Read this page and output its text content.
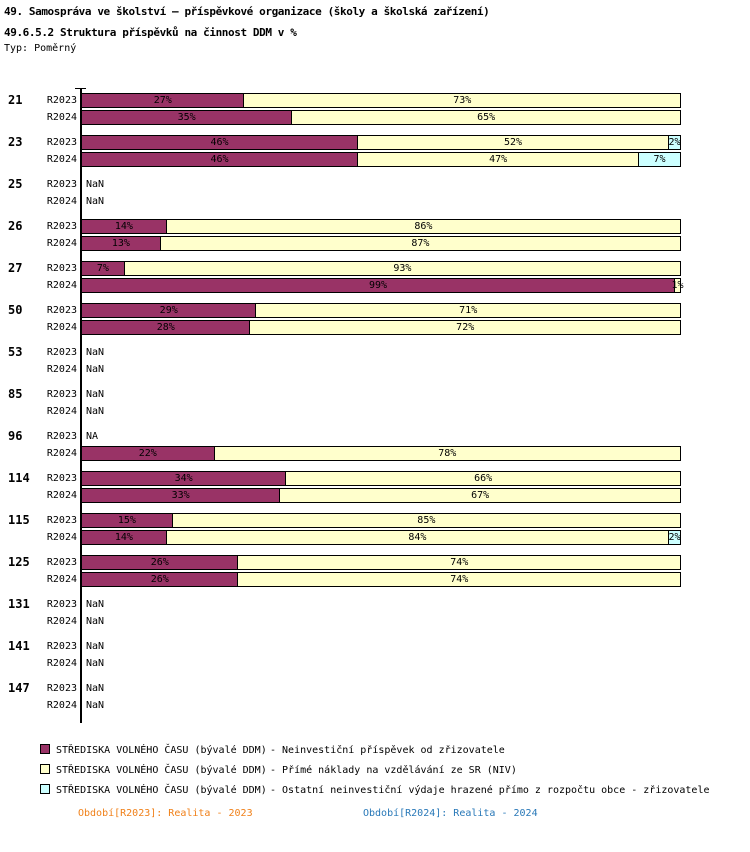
49. Samospráva ve školství – příspěvkové organizace (školy a školská zařízení)
49.6.5.2 Struktura příspěvků na činnost DDM v %
Typ: Poměrný
21	R2023	27%	73%
R2024	35%	65%
23	R2023	46%	52%	2%
R2024	46%	47%	7%
25	R2023 NaN
R2024 NaN
26	R2023	14%	86%
R2024	13%	87%
27	R2023 7%	93%
R2024	99%	1%
50	R2023	29%	71%
R2024	28%	72%
53	R2023 NaN
R2024 NaN
85	R2023 NaN
R2024 NaN
96	R2023 NA
R2024	22%	78%
114	R2023	34%	66%
R2024	33%	67%
115	R2023	15%	85%
R2024	14%	84%	2%
125	R2023	26%	74%
R2024	26%	74%
131	R2023 NaN
R2024 NaN
141	R2023 NaN
R2024 NaN
147	R2023 NaN
R2024 NaN
STŘEDISKA VOLNÉHO ČASU (bývalé DDM) - Neinvestiční příspěvek od zřizovatele
STŘEDISKA VOLNÉHO ČASU (bývalé DDM) - Přímé náklady na vzdělávání ze SR (NIV)
STŘEDISKA VOLNÉHO ČASU (bývalé DDM) - Ostatní neinvestiční výdaje hrazené přímo z rozpočtu obce - zřizovatele
Období[R2023]: Realita - 2023	Období[R2024]: Realita - 2024
